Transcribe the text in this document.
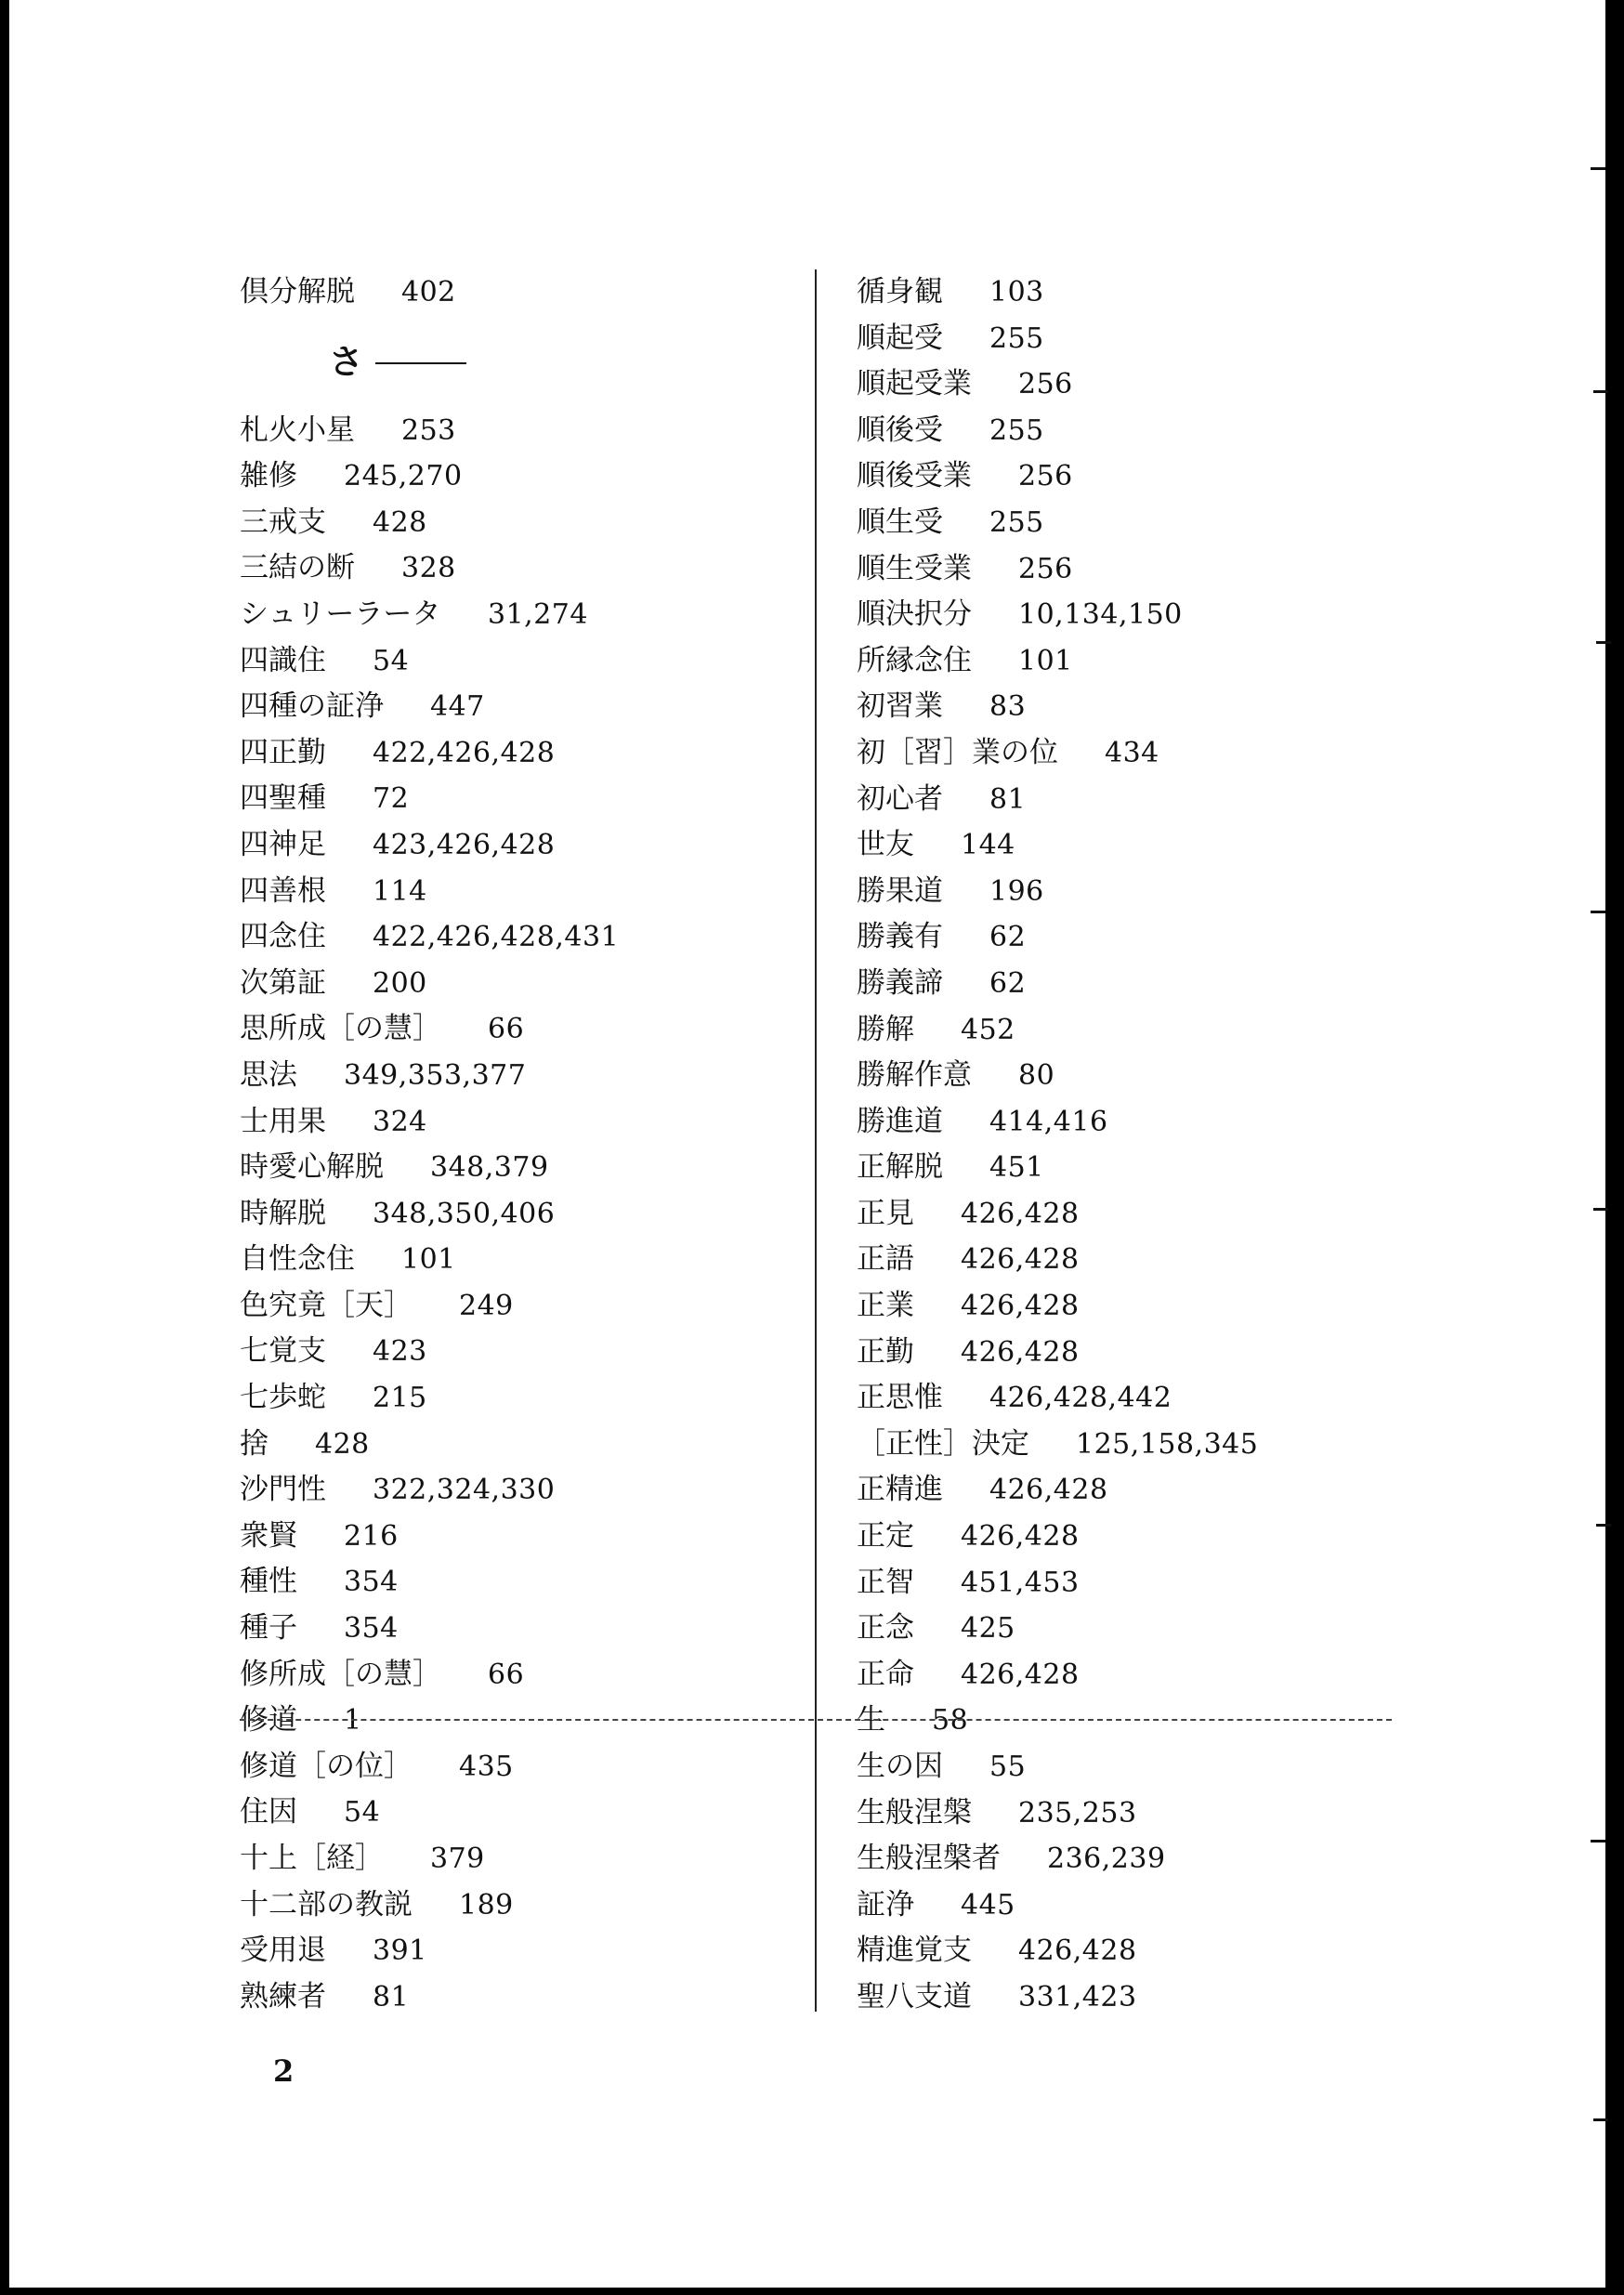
倶分解脱 402
さ
札火小星 253
雑修 245,270
三戒支 428
三結の断 328
シュリーラータ 31,274
四識住 54
四種の証浄 447
四正勤 422,426,428
四聖種 72
四神足 423,426,428
四善根 114
四念住 422,426,428,431
次第証 200
思所成［の慧］ 66
思法 349,353,377
士用果 324
時愛心解脱 348,379
時解脱 348,350,406
自性念住 101
色究竟［天］ 249
七覚支 423
七歩蛇 215
捨 428
沙門性 322,324,330
衆賢 216
種性 354
種子 354
修所成［の慧］ 66
修道 1
修道［の位］ 435
住因 54
十上［経］ 379
十二部の教説 189
受用退 391
熟練者 81
循身観 103
順起受 255
順起受業 256
順後受 255
順後受業 256
順生受 255
順生受業 256
順決択分 10,134,150
所縁念住 101
初習業 83
初［習］業の位 434
初心者 81
世友 144
勝果道 196
勝義有 62
勝義諦 62
勝解 452
勝解作意 80
勝進道 414,416
正解脱 451
正見 426,428
正語 426,428
正業 426,428
正勤 426,428
正思惟 426,428,442
［正性］決定 125,158,345
正精進 426,428
正定 426,428
正智 451,453
正念 425
正命 426,428
生 58
生の因 55
生般涅槃 235,253
生般涅槃者 236,239
証浄 445
精進覚支 426,428
聖八支道 331,423
2
